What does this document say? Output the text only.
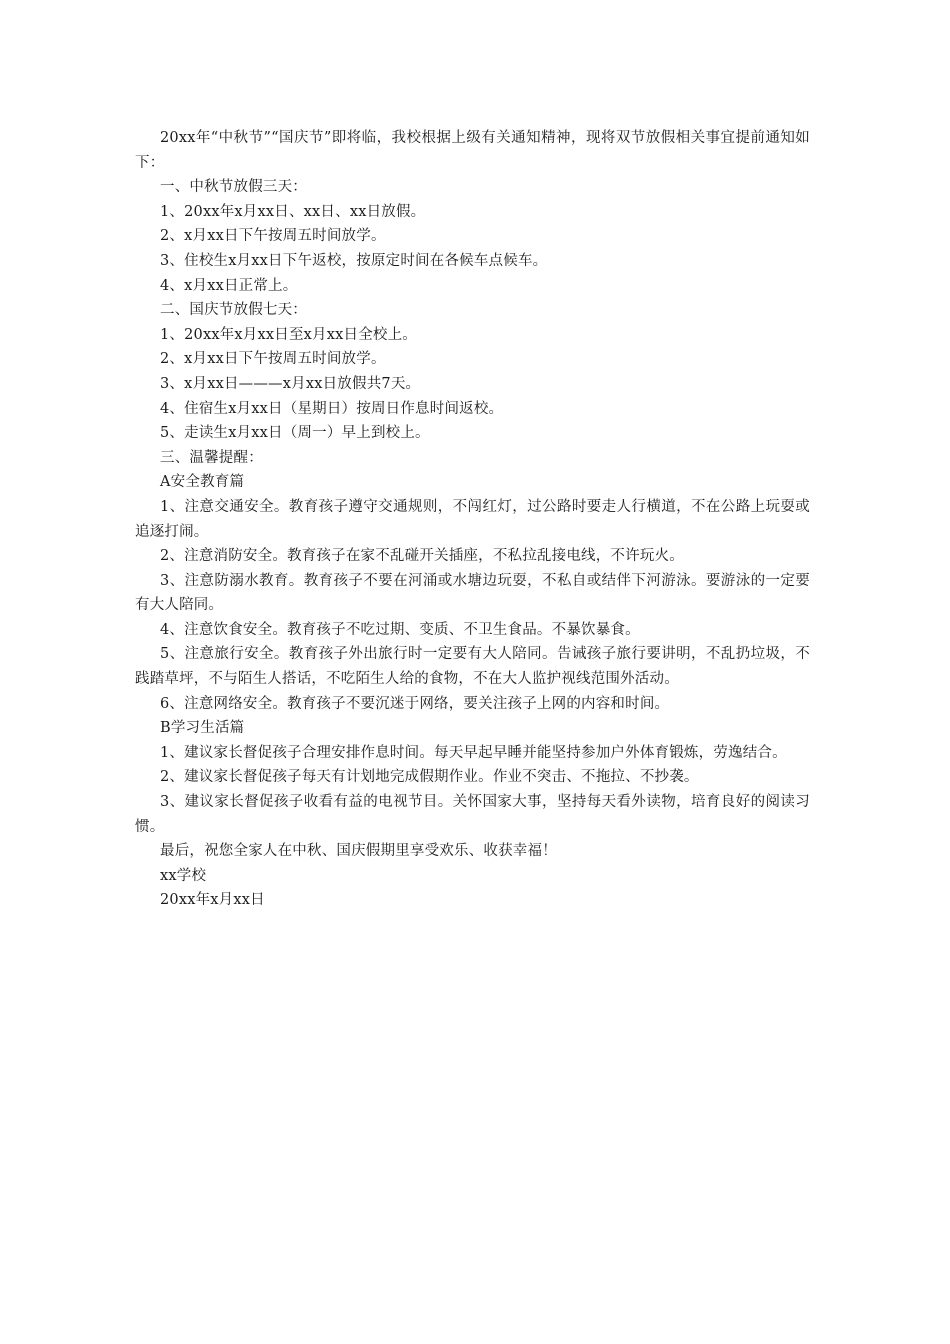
20xx年“中秋节”“国庆节”即将临，我校根据上级有关通知精神，现将双节放假相关事宜提前通知如下：

一、中秋节放假三天：

1、20xx年x月xx日、xx日、xx日放假。

2、x月xx日下午按周五时间放学。

3、住校生x月xx日下午返校，按原定时间在各候车点候车。

4、x月xx日正常上。

二、国庆节放假七天：

1、20xx年x月xx日至x月xx日全校上。

2、x月xx日下午按周五时间放学。

3、x月xx日———x月xx日放假共7天。

4、住宿生x月xx日（星期日）按周日作息时间返校。

5、走读生x月xx日（周一）早上到校上。

三、温馨提醒：

A安全教育篇

1、注意交通安全。教育孩子遵守交通规则，不闯红灯，过公路时要走人行横道，不在公路上玩耍或追逐打闹。

2、注意消防安全。教育孩子在家不乱碰开关插座，不私拉乱接电线，不许玩火。

3、注意防溺水教育。教育孩子不要在河涌或水塘边玩耍，不私自或结伴下河游泳。要游泳的一定要有大人陪同。

4、注意饮食安全。教育孩子不吃过期、变质、不卫生食品。不暴饮暴食。

5、注意旅行安全。教育孩子外出旅行时一定要有大人陪同。告诫孩子旅行要讲明，不乱扔垃圾，不践踏草坪，不与陌生人搭话，不吃陌生人给的食物，不在大人监护视线范围外活动。

6、注意网络安全。教育孩子不要沉迷于网络，要关注孩子上网的内容和时间。

B学习生活篇

1、建议家长督促孩子合理安排作息时间。每天早起早睡并能坚持参加户外体育锻炼，劳逸结合。

2、建议家长督促孩子每天有计划地完成假期作业。作业不突击、不拖拉、不抄袭。

3、建议家长督促孩子收看有益的电视节目。关怀国家大事，坚持每天看外读物，培育良好的阅读习惯。

最后，祝您全家人在中秋、国庆假期里享受欢乐、收获幸福！

xx学校

20xx年x月xx日
